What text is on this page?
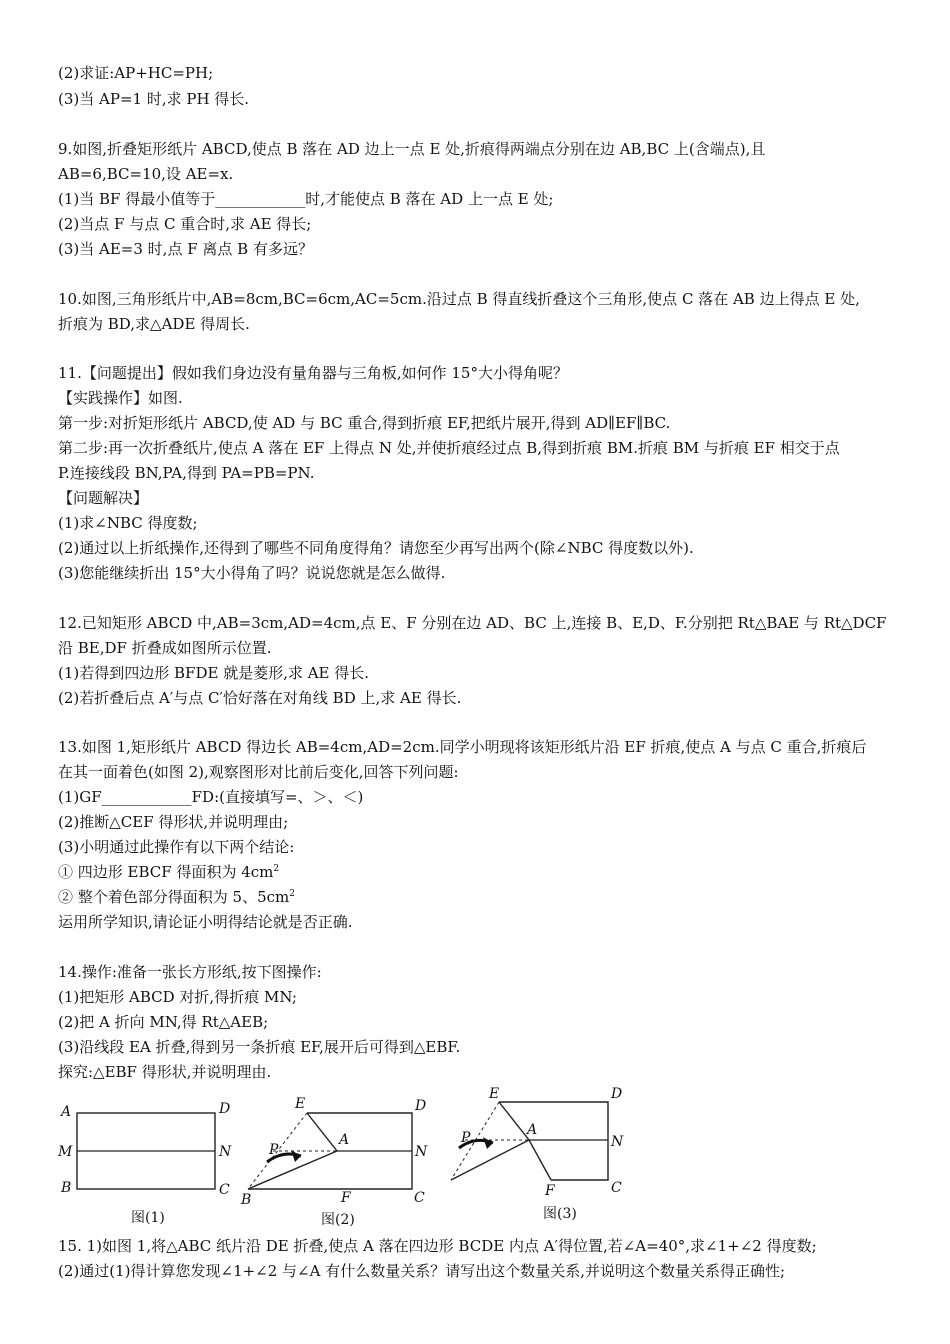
(2)求证:AP+HC=PH;
(3)当 AP=1 时,求 PH 得长.
9.如图,折叠矩形纸片 ABCD,使点 B 落在 AD 边上一点 E 处,折痕得两端点分别在边 AB,BC 上(含端点),且
AB=6,BC=10,设 AE=x.
(1)当 BF 得最小值等于____________时,才能使点 B 落在 AD 上一点 E 处;
(2)当点 F 与点 C 重合时,求 AE 得长;
(3)当 AE=3 时,点 F 离点 B 有多远？
10.如图,三角形纸片中,AB=8cm,BC=6cm,AC=5cm.沿过点 B 得直线折叠这个三角形,使点 C 落在 AB 边上得点 E 处,
折痕为 BD,求△ADE 得周长.
11.【问题提出】假如我们身边没有量角器与三角板,如何作 15°大小得角呢？
【实践操作】如图.
第一步:对折矩形纸片 ABCD,使 AD 与 BC 重合,得到折痕 EF,把纸片展开,得到 AD∥EF∥BC.
第二步:再一次折叠纸片,使点 A 落在 EF 上得点 N 处,并使折痕经过点 B,得到折痕 BM.折痕 BM 与折痕 EF 相交于点
P.连接线段 BN,PA,得到 PA=PB=PN.
【问题解决】
(1)求∠NBC 得度数;
(2)通过以上折纸操作,还得到了哪些不同角度得角？请您至少再写出两个(除∠NBC 得度数以外).
(3)您能继续折出 15°大小得角了吗？说说您就是怎么做得.
12.已知矩形 ABCD 中,AB=3cm,AD=4cm,点 E、F 分别在边 AD、BC 上,连接 B、E,D、F.分别把 Rt△BAE 与 Rt△DCF
沿 BE,DF 折叠成如图所示位置.
(1)若得到四边形 BFDE 就是菱形,求 AE 得长.
(2)若折叠后点 A′与点 C′恰好落在对角线 BD 上,求 AE 得长.
13.如图 1,矩形纸片 ABCD 得边长 AB=4cm,AD=2cm.同学小明现将该矩形纸片沿 EF 折痕,使点 A 与点 C 重合,折痕后
在其一面着色(如图 2),观察图形对比前后变化,回答下列问题:
(1)GF____________FD:(直接填写=、＞、＜)
(2)推断△CEF 得形状,并说明理由;
(3)小明通过此操作有以下两个结论:
① 四边形 EBCF 得面积为 $4cm^2$
② 整个着色部分得面积为 5、$5cm^2$
运用所学知识,请论证小明得结论就是否正确.
14.操作:准备一张长方形纸,按下图操作:
(1)把矩形 ABCD 对折,得折痕 MN;
(2)把 A 折向 MN,得 Rt△AEB;
(3)沿线段 EA 折叠,得到另一条折痕 EF,展开后可得到△EBF.
探究:△EBF 得形状,并说明理由.
A	D
M	N
B	C
图(1)
E	D
A
P	N
B	F	C
图(2)
E	D
A
P	N
F	C
图(3)
15. 1)如图 1,将△ABC 纸片沿 DE 折叠,使点 A 落在四边形 BCDE 内点 A′得位置,若∠A=40°,求∠1+∠2 得度数;
(2)通过(1)得计算您发现∠1+∠2 与∠A 有什么数量关系？请写出这个数量关系,并说明这个数量关系得正确性;
